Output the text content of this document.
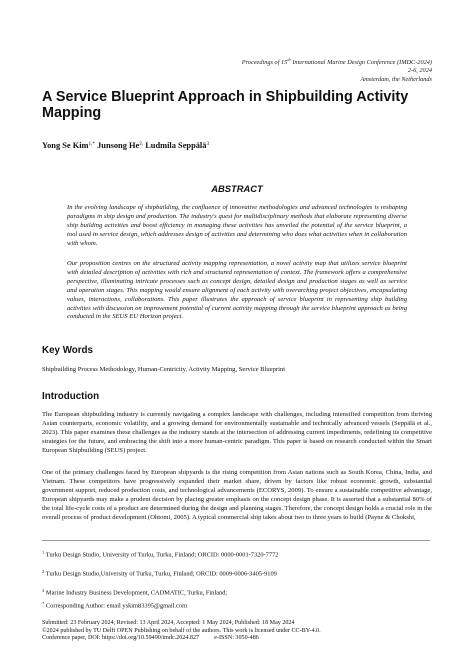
Proceedings of 15th International Marine Design Conference (IMDC-2024)
2-6, 2024
Amsterdam, the Netherlands
A Service Blueprint Approach in Shipbuilding Activity Mapping
Yong Se Kim$^{1,*}$ Junsong $He^{2,}$ Ludmila Seppälä$^3$
ABSTRACT
In the evolving landscape of shipbuilding, the confluence of innovative methodologies and advanced technologies is reshaping paradigms in ship design and production. The industry's quest for multidisciplinary methods that elaborate representing diverse ship building activities and boost efficiency in managing these activities has unveiled the potential of the service blueprint, a tool used in service design, which addresses design of activities and determining who does what activities when in collaboration with whom.
Our proposition centres on the structured activity mapping representation, a novel activity map that utilizes service blueprint with detailed description of activities with rich and structured representation of context. The framework offers a comprehensive perspective, illuminating intricate processes such as concept design, detailed design and production stages as well as service and operation stages. This mapping would ensure alignment of each activity with overarching project objectives, encapsulating values, interactions, collaborations. This paper illustrates the approach of service blueprint in representing ship building activities with discussion on improvement potential of current activity mapping through the service blueprint approach as being conducted in the SEUS EU Horizon project.
Key Words
Shipbuilding Process Methodology, Human-Centricity, Activity Mapping, Service Blueprint
Introduction
The European shipbuilding industry is currently navigating a complex landscape with challenges, including intensified competition from thriving Asian counterparts, economic volatility, and a growing demand for environmentally sustainable and technically advanced vessels (Seppälä et al., 2023). This paper examines these challenges as the industry stands at the intersection of addressing current impediments, redefining its competitive strategies for the future, and embracing the shift into a more human-centric paradigm. This paper is based on research conducted within the Smart European Shipbuilding (SEUS) project.
One of the primary challenges faced by European shipyards is the rising competition from Asian nations such as South Korea, China, India, and Vietnam. These competitors have progressively expanded their market share, driven by factors like robust economic growth, substantial government support, reduced production costs, and technological advancements (ECORYS, 2009). To ensure a sustainable competitive advantage, European shipyards may make a prudent decision by placing greater emphasis on the concept design phase. It is asserted that a substantial 80% of the total life-cycle costs of a product are determined during the design and planning stages. Therefore, the concept design holds a crucial role in the overall process of product development (Ohtomi, 2005). A typical commercial ship takes about two to three years to build (Payne & Chokshi,
$^1$ Turku Design Studio, University of Turku, Turku, Finland; ORCID: 0000-0001-7320-7772
$^2$ Turku Design Studio,University of Turku, Turku, Finland; ORCID: 0009-0006-3405-9109
$^3$ Marine Industry Business Development, CADMATIC, Turku, Finland;
* Corresponding Author: email yskim83395@gmail.com
Submitted: 23 February 2024, Revised: 13 April 2024, Accepted: 1 May 2024, Published: 18 May 2024
©2024 published by TU Delft OPEN Publishing on behalf of the authors. This work is licensed under CC-BY-4.0.
Conference paper, DOI: https://doi.org/10.59490/imdc.2024.827          e-ISSN: 3050-486
